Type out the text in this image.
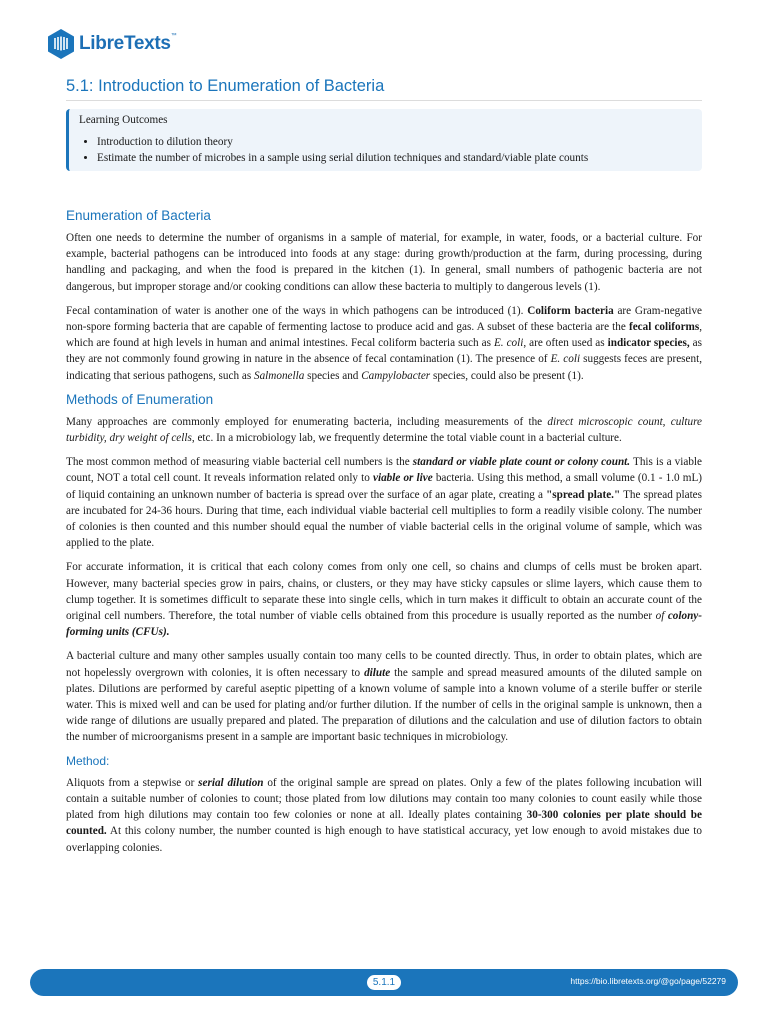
LibreTexts™
5.1: Introduction to Enumeration of Bacteria

Learning Outcomes

• Introduction to dilution theory
• Estimate the number of microbes in a sample using serial dilution techniques and standard/viable plate counts
Enumeration of Bacteria

Often one needs to determine the number of organisms in a sample of material, for example, in water, foods, or a bacterial culture. For example, bacterial pathogens can be introduced into foods at any stage: during growth/production at the farm, during processing, during handling and packaging, and when the food is prepared in the kitchen (1). In general, small numbers of pathogenic bacteria are not dangerous, but improper storage and/or cooking conditions can allow these bacteria to multiply to dangerous levels (1).

Fecal contamination of water is another one of the ways in which pathogens can be introduced (1). Coliform bacteria are Gram-negative non-spore forming bacteria that are capable of fermenting lactose to produce acid and gas. A subset of these bacteria are the fecal coliforms, which are found at high levels in human and animal intestines. Fecal coliform bacteria such as E. coli, are often used as indicator species, as they are not commonly found growing in nature in the absence of fecal contamination (1). The presence of E. coli suggests feces are present, indicating that serious pathogens, such as Salmonella species and Campylobacter species, could also be present (1).

Methods of Enumeration

Many approaches are commonly employed for enumerating bacteria, including measurements of the direct microscopic count, culture turbidity, dry weight of cells, etc. In a microbiology lab, we frequently determine the total viable count in a bacterial culture.

The most common method of measuring viable bacterial cell numbers is the standard or viable plate count or colony count. This is a viable count, NOT a total cell count. It reveals information related only to viable or live bacteria. Using this method, a small volume (0.1 - 1.0 mL) of liquid containing an unknown number of bacteria is spread over the surface of an agar plate, creating a "spread plate." The spread plates are incubated for 24-36 hours. During that time, each individual viable bacterial cell multiplies to form a readily visible colony. The number of colonies is then counted and this number should equal the number of viable bacterial cells in the original volume of sample, which was applied to the plate.

For accurate information, it is critical that each colony comes from only one cell, so chains and clumps of cells must be broken apart. However, many bacterial species grow in pairs, chains, or clusters, or they may have sticky capsules or slime layers, which cause them to clump together. It is sometimes difficult to separate these into single cells, which in turn makes it difficult to obtain an accurate count of the original cell numbers. Therefore, the total number of viable cells obtained from this procedure is usually reported as the number of colony-forming units (CFUs).

A bacterial culture and many other samples usually contain too many cells to be counted directly. Thus, in order to obtain plates, which are not hopelessly overgrown with colonies, it is often necessary to dilute the sample and spread measured amounts of the diluted sample on plates. Dilutions are performed by careful aseptic pipetting of a known volume of sample into a known volume of a sterile buffer or sterile water. This is mixed well and can be used for plating and/or further dilution. If the number of cells in the original sample is unknown, then a wide range of dilutions are usually prepared and plated. The preparation of dilutions and the calculation and use of dilution factors to obtain the number of microorganisms present in a sample are important basic techniques in microbiology.

Method:

Aliquots from a stepwise or serial dilution of the original sample are spread on plates. Only a few of the plates following incubation will contain a suitable number of colonies to count; those plated from low dilutions may contain too many colonies to count easily while those plated from high dilutions may contain too few colonies or none at all. Ideally plates containing 30-300 colonies per plate should be counted. At this colony number, the number counted is high enough to have statistical accuracy, yet low enough to avoid mistakes due to overlapping colonies.

5.1.1	https://bio.libretexts.org/@go/page/52279
